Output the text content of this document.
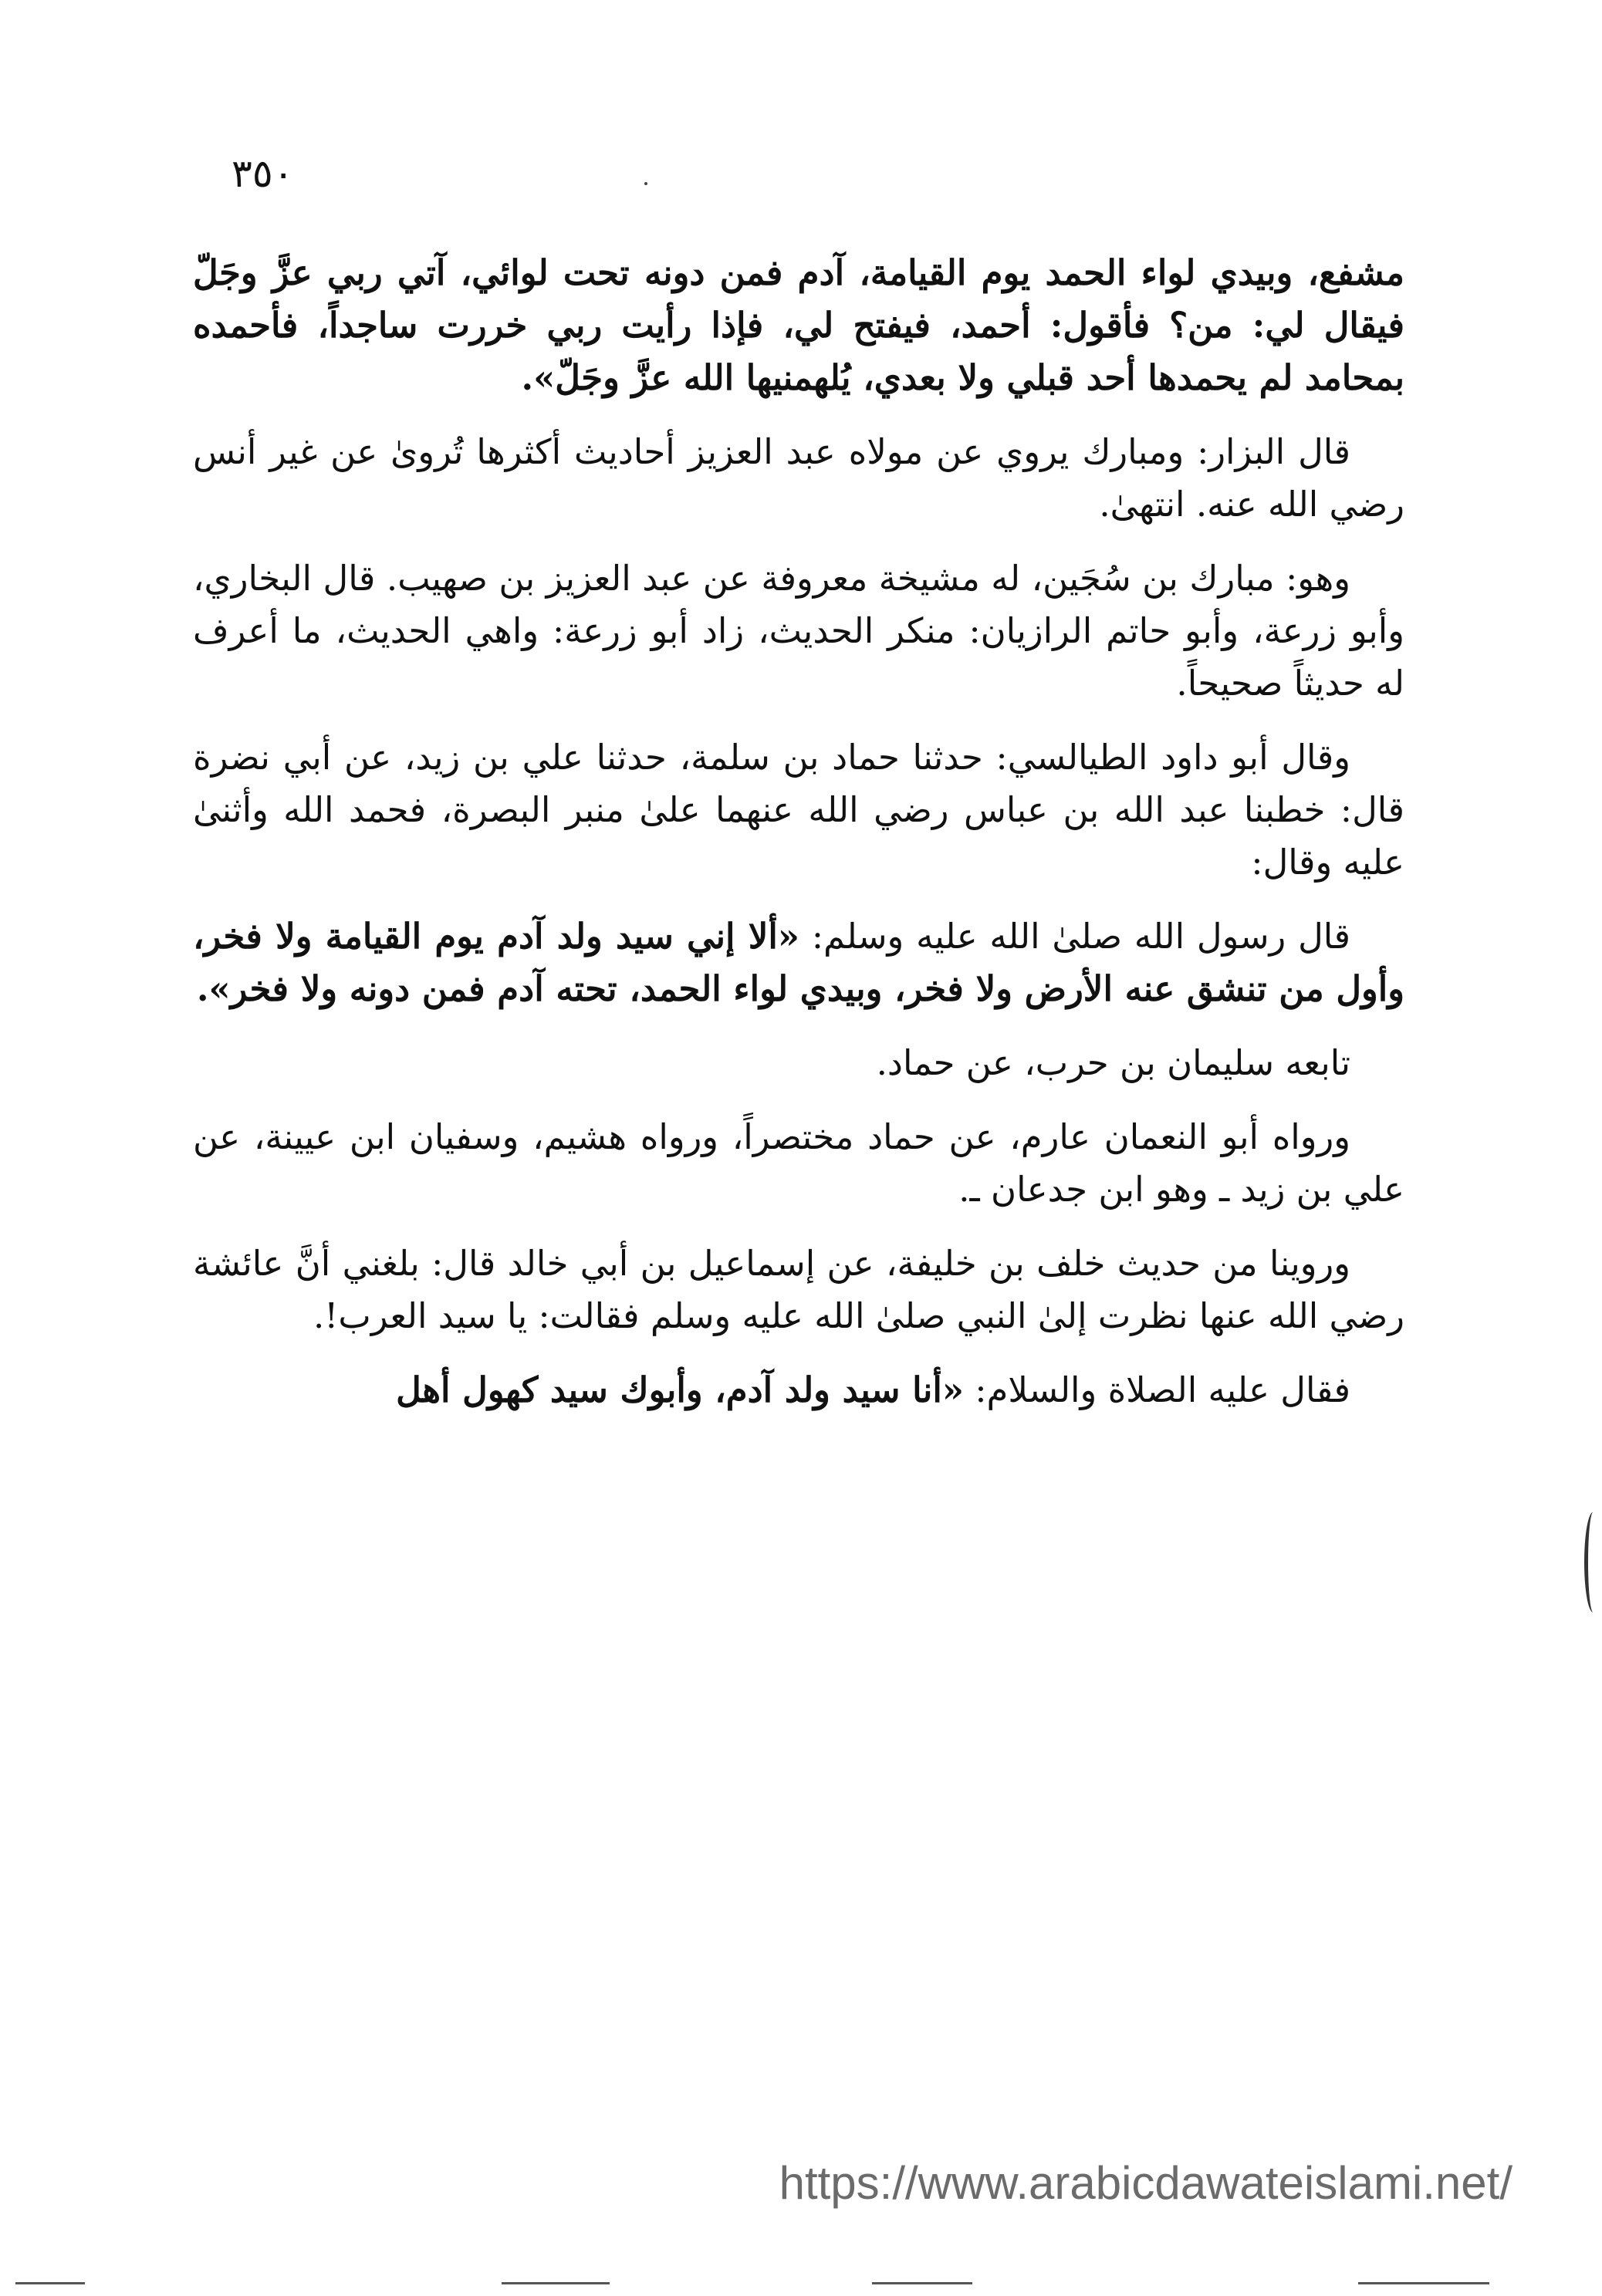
٣٥٠

مشفع، وبيدي لواء الحمد يوم القيامة، آدم فمن دونه تحت لوائي، آتي ربي عزَّ وجَلّ فيقال لي: من؟ فأقول: أحمد، فيفتح لي، فإذا رأيت ربي خررت ساجداً، فأحمده بمحامد لم يحمدها أحد قبلي ولا بعدي، يُلهمنيها الله عزَّ وجَلّ».

قال البزار: ومبارك يروي عن مولاه عبد العزيز أحاديث أكثرها تُروىٰ عن غير أنس رضي الله عنه. انتهىٰ.

وهو: مبارك بن سُجَين، له مشيخة معروفة عن عبد العزيز بن صهيب. قال البخاري، وأبو زرعة، وأبو حاتم الرازيان: منكر الحديث، زاد أبو زرعة: واهي الحديث، ما أعرف له حديثاً صحيحاً.

وقال أبو داود الطيالسي: حدثنا حماد بن سلمة، حدثنا علي بن زيد، عن أبي نضرة قال: خطبنا عبد الله بن عباس رضي الله عنهما علىٰ منبر البصرة، فحمد الله وأثنىٰ عليه وقال:

قال رسول الله صلىٰ الله عليه وسلم: «ألا إني سيد ولد آدم يوم القيامة ولا فخر، وأول من تنشق عنه الأرض ولا فخر، وبيدي لواء الحمد، تحته آدم فمن دونه ولا فخر».

تابعه سليمان بن حرب، عن حماد.

ورواه أبو النعمان عارم، عن حماد مختصراً، ورواه هشيم، وسفيان ابن عيينة، عن علي بن زيد ـ وهو ابن جدعان ـ.

وروينا من حديث خلف بن خليفة، عن إسماعيل بن أبي خالد قال: بلغني أنَّ عائشة رضي الله عنها نظرت إلىٰ النبي صلىٰ الله عليه وسلم فقالت: يا سيد العرب!.

فقال عليه الصلاة والسلام: «أنا سيد ولد آدم، وأبوك سيد كهول أهل

https://www.arabicdawateislami.net/
